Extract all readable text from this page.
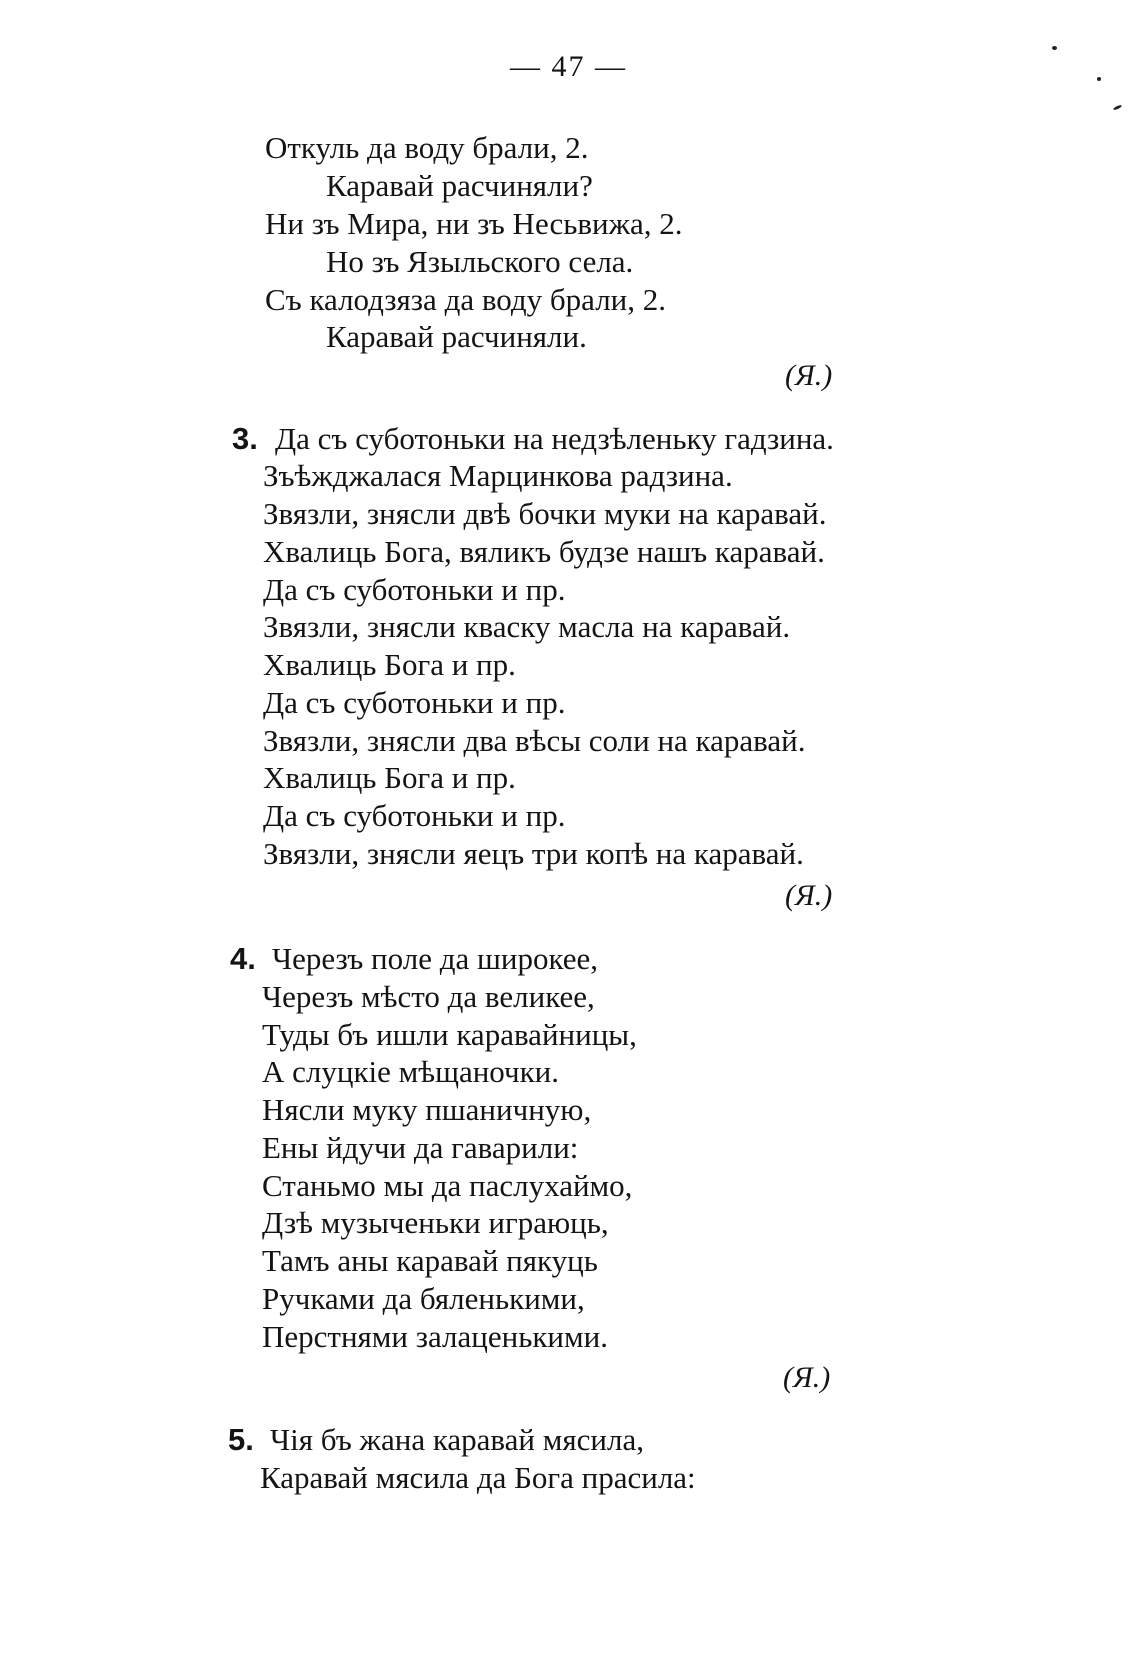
— 47 —
Откуль да воду брали, 2.
Каравай расчиняли?
Ни зъ Мира, ни зъ Несьвижа, 2.
Но зъ Языльского села.
Съ калодзяза да воду брали, 2.
Каравай расчиняли.
(Я.)
3. Да съ суботоньки на недзѣленьку гадзина.
Зъѣжджалася Марцинкова радзина.
Звязли, знясли двѣ бочки муки на каравай.
Хвалиць Бога, вяликъ будзе нашъ каравай.
Да съ суботоньки и пр.
Звязли, знясли кваску масла на каравай.
Хвалиць Бога и пр.
Да съ суботоньки и пр.
Звязли, знясли два вѣсы соли на каравай.
Хвалиць Бога и пр.
Да съ суботоньки и пр.
Звязли, знясли яецъ три копѣ на каравай.
(Я.)
4. Черезъ поле да широкее,
Черезъ мѣсто да великее,
Туды бъ ишли каравайницы,
А слуцкіе мѣщаночки.
Нясли муку пшаничную,
Ены йдучи да гаварили:
Станьмо мы да паслухаймо,
Дзѣ музыченьки играюць,
Тамъ аны каравай пякуць
Ручками да бяленькими,
Перстнями залаценькими.
(Я.)
5. Чія бъ жана каравай мясила,
Каравай мясила да Бога прасила:
